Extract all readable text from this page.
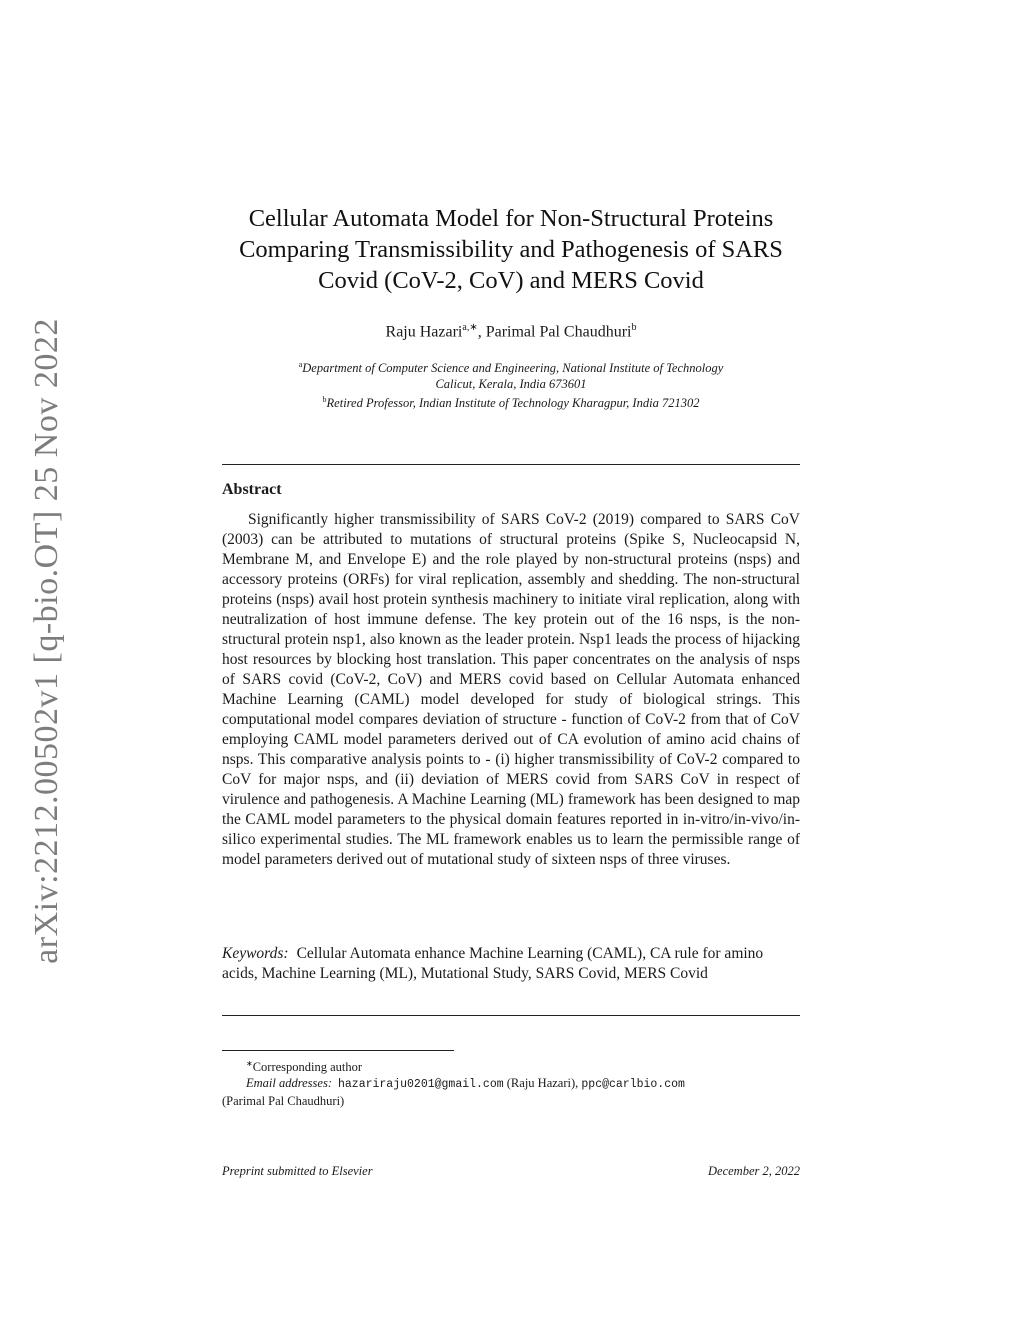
arXiv:2212.00502v1 [q-bio.OT] 25 Nov 2022
Cellular Automata Model for Non-Structural Proteins
Comparing Transmissibility and Pathogenesis of SARS
Covid (CoV-2, CoV) and MERS Covid
Raju Hazari$^{a,∗}$, Parimal Pal Chaudhuri$^b$
$^a$Department of Computer Science and Engineering, National Institute of Technology
Calicut, Kerala, India 673601
$^b$Retired Professor, Indian Institute of Technology Kharagpur, India 721302
Abstract
Significantly higher transmissibility of SARS CoV-2 (2019) compared to SARS CoV (2003) can be attributed to mutations of structural proteins (Spike S, Nucleocapsid N, Membrane M, and Envelope E) and the role played by non-structural proteins (nsps) and accessory proteins (ORFs) for viral replication, assembly and shedding. The non-structural proteins (nsps) avail host protein synthesis machinery to initiate viral replication, along with neutralization of host immune defense. The key protein out of the 16 nsps, is the non-structural protein nsp1, also known as the leader protein. Nsp1 leads the process of hijacking host resources by blocking host translation. This paper concentrates on the analysis of nsps of SARS covid (CoV-2, CoV) and MERS covid based on Cellular Automata enhanced Machine Learning (CAML) model developed for study of biological strings. This computational model compares deviation of structure - function of CoV-2 from that of CoV employing CAML model parameters derived out of CA evolution of amino acid chains of nsps. This comparative analysis points to - (i) higher transmissibility of CoV-2 compared to CoV for major nsps, and (ii) deviation of MERS covid from SARS CoV in respect of virulence and pathogenesis. A Machine Learning (ML) framework has been designed to map the CAML model parameters to the physical domain features reported in in-vitro/in-vivo/in-silico experimental studies. The ML framework enables us to learn the permissible range of model parameters derived out of mutational study of sixteen nsps of three viruses.
Keywords: Cellular Automata enhance Machine Learning (CAML), CA rule for amino acids, Machine Learning (ML), Mutational Study, SARS Covid, MERS Covid
∗Corresponding author
Email addresses: hazariraju0201@gmail.com (Raju Hazari), ppc@carlbio.com
(Parimal Pal Chaudhuri)
Preprint submitted to Elsevier	December 2, 2022
